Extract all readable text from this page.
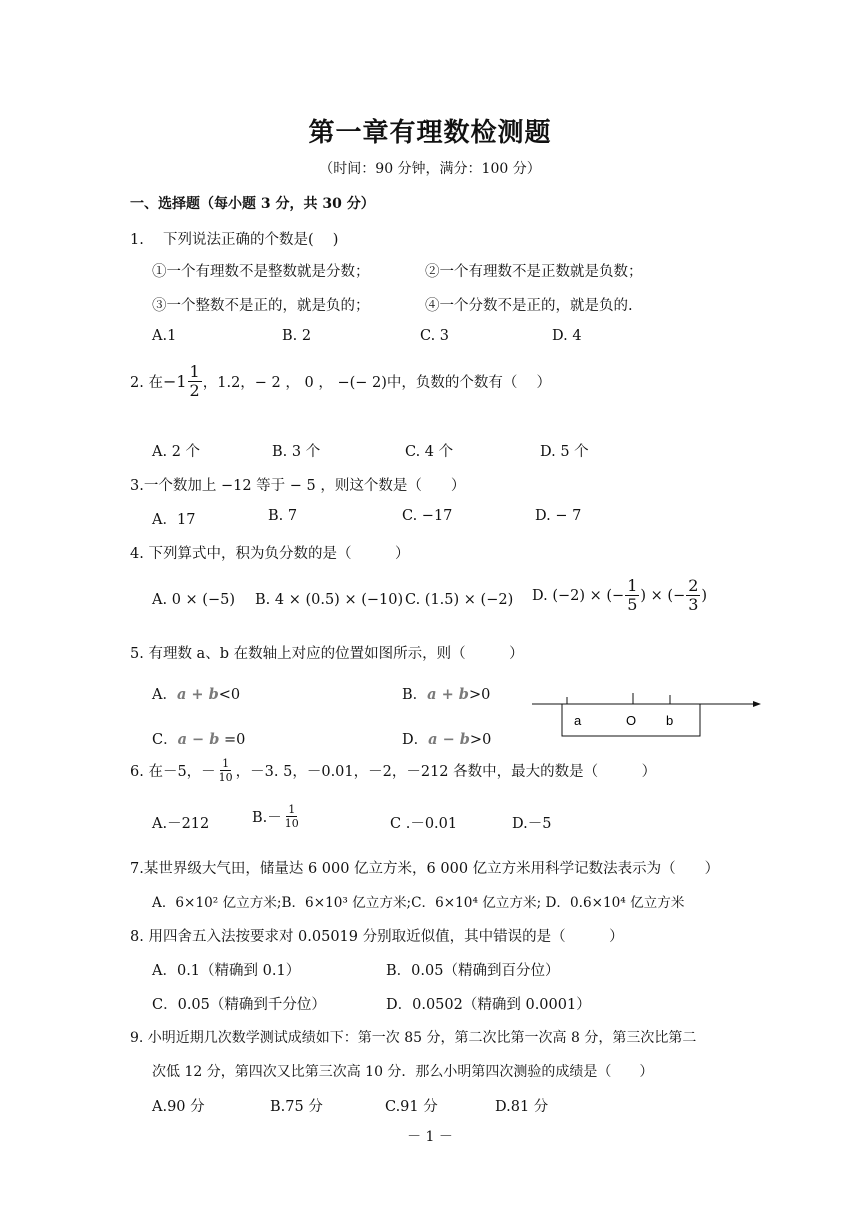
第一章有理数检测题
（时间：90 分钟，满分：100 分）
一、选择题（每小题 3 分，共 30 分）
1.　 下列说法正确的个数是(　 )
①一个有理数不是整数就是分数；	②一个有理数不是正数就是负数；
③一个整数不是正的，就是负的；	④一个分数不是正的，就是负的.
A.1	B. 2	C. 3	D. 4
2. 在 $-1 \frac{1}{2}$ ，1.2，− 2 ， 0 ， −(− 2) 中，负数的个数有（　 ）
A. 2 个	B. 3 个	C. 4 个	D. 5 个
3.一个数加上 −12 等于 − 5 ，则这个数是（　　）
A．17	B. 7	C. −17	D. − 7
4. 下列算式中，积为负分数的是（　　　）
A. 0 × (−5) B. 4 × (0.5) × (−10) C. (1.5) × (−2) D. (−2) × (− $\frac{1}{5}$ ) × (− $\frac{2}{3}$ )
5. 有理数 a、b 在数轴上对应的位置如图所示，则（　　　）
A．a + b<0	B．a + b>0
C．a − b =0	D．a − b>0
a	O b
6. 在－5，－ $\frac{1}{10}$ ，－3. 5，－0.01，－2，－212 各数中，最大的数是（　　　）
A.－212	$B.- \frac{1}{10}$	C .－0.01	D.－5
7.某世界级大气田，储量达 6 000 亿立方米，6 000 亿立方米用科学记数法表示为（　　）
A．6×10² 亿立方米;B．6×10³ 亿立方米;C．6×10⁴ 亿立方米; D．0.6×10⁴ 亿立方米
8. 用四舍五入法按要求对 0.05019 分别取近似值，其中错误的是（　　　）
A．0.1（精确到 0.1）	B．0.05（精确到百分位）
C．0.05（精确到千分位）	D．0.0502（精确到 0.0001）
9. 小明近期几次数学测试成绩如下：第一次 85 分，第二次比第一次高 8 分，第三次比第二
次低 12 分，第四次又比第三次高 10 分．那么小明第四次测验的成绩是（　　）
A.90 分	B.75 分	C.91 分	D.81 分
－ 1 －
